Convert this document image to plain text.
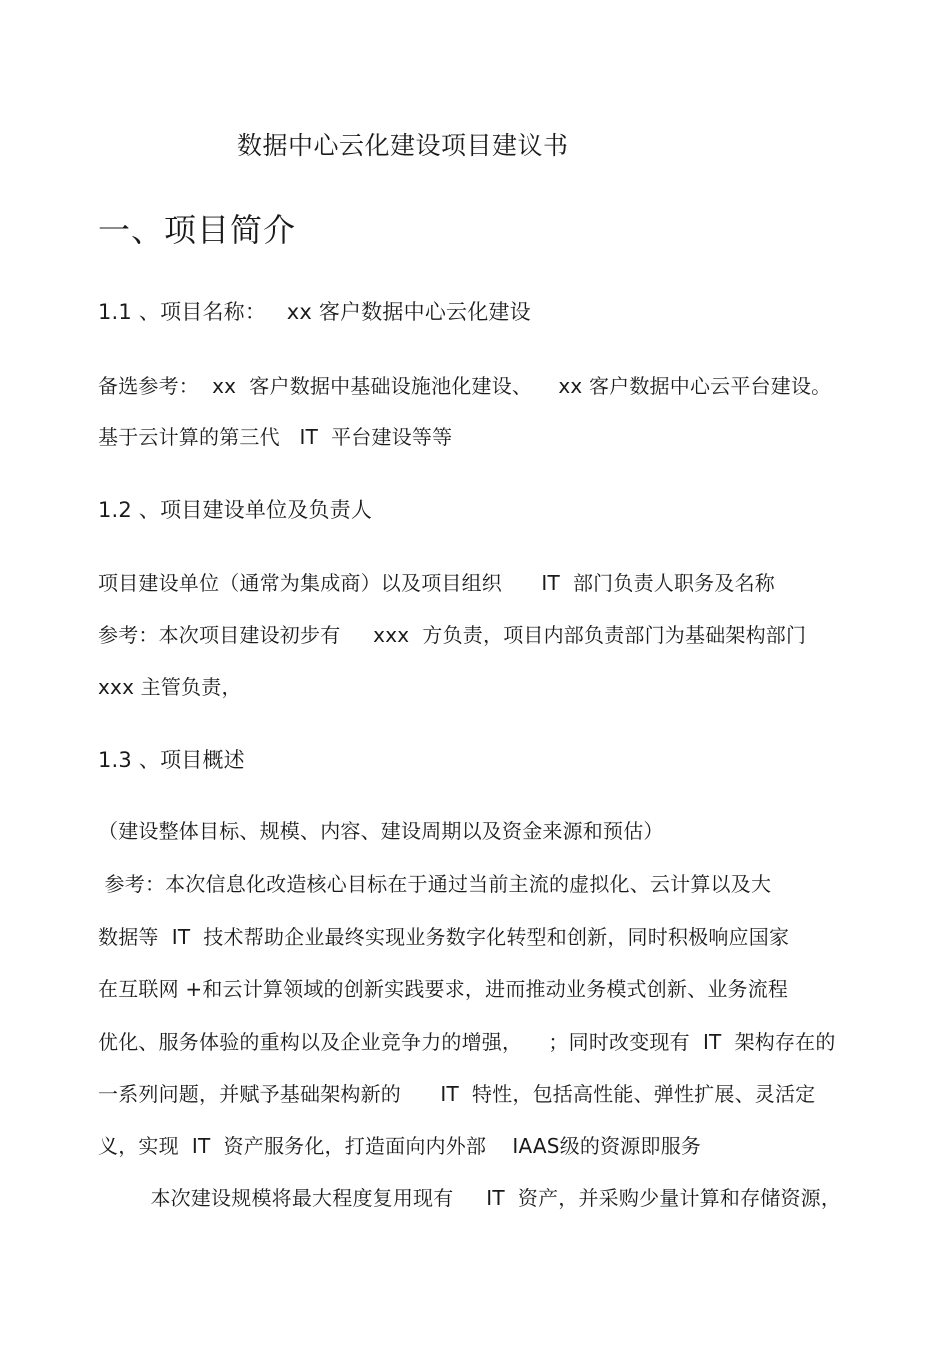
数据中心云化建设项目建议书
一、项目简介
1.1 、项目名称：   xx 客户数据中心云化建设
备选参考：  xx  客户数据中基础设施池化建设、    xx 客户数据中心云平台建设。
基于云计算的第三代   IT  平台建设等等
1.2 、项目建设单位及负责人
项目建设单位（通常为集成商）以及项目组织      IT  部门负责人职务及名称
参考：本次项目建设初步有     xxx  方负责，项目内部负责部门为基础架构部门
xxx 主管负责，
1.3 、项目概述
（建设整体目标、规模、内容、建设周期以及资金来源和预估）
参考：本次信息化改造核心目标在于通过当前主流的虚拟化、云计算以及大
数据等  IT  技术帮助企业最终实现业务数字化转型和创新，同时积极响应国家
在互联网 +和云计算领域的创新实践要求，进而推动业务模式创新、业务流程
优化、服务体验的重构以及企业竞争力的增强，    ；同时改变现有  IT  架构存在的
一系列问题，并赋予基础架构新的      IT  特性，包括高性能、弹性扩展、灵活定
义，实现  IT  资产服务化，打造面向内外部    IAAS级的资源即服务
本次建设规模将最大程度复用现有     IT  资产，并采购少量计算和存储资源，
